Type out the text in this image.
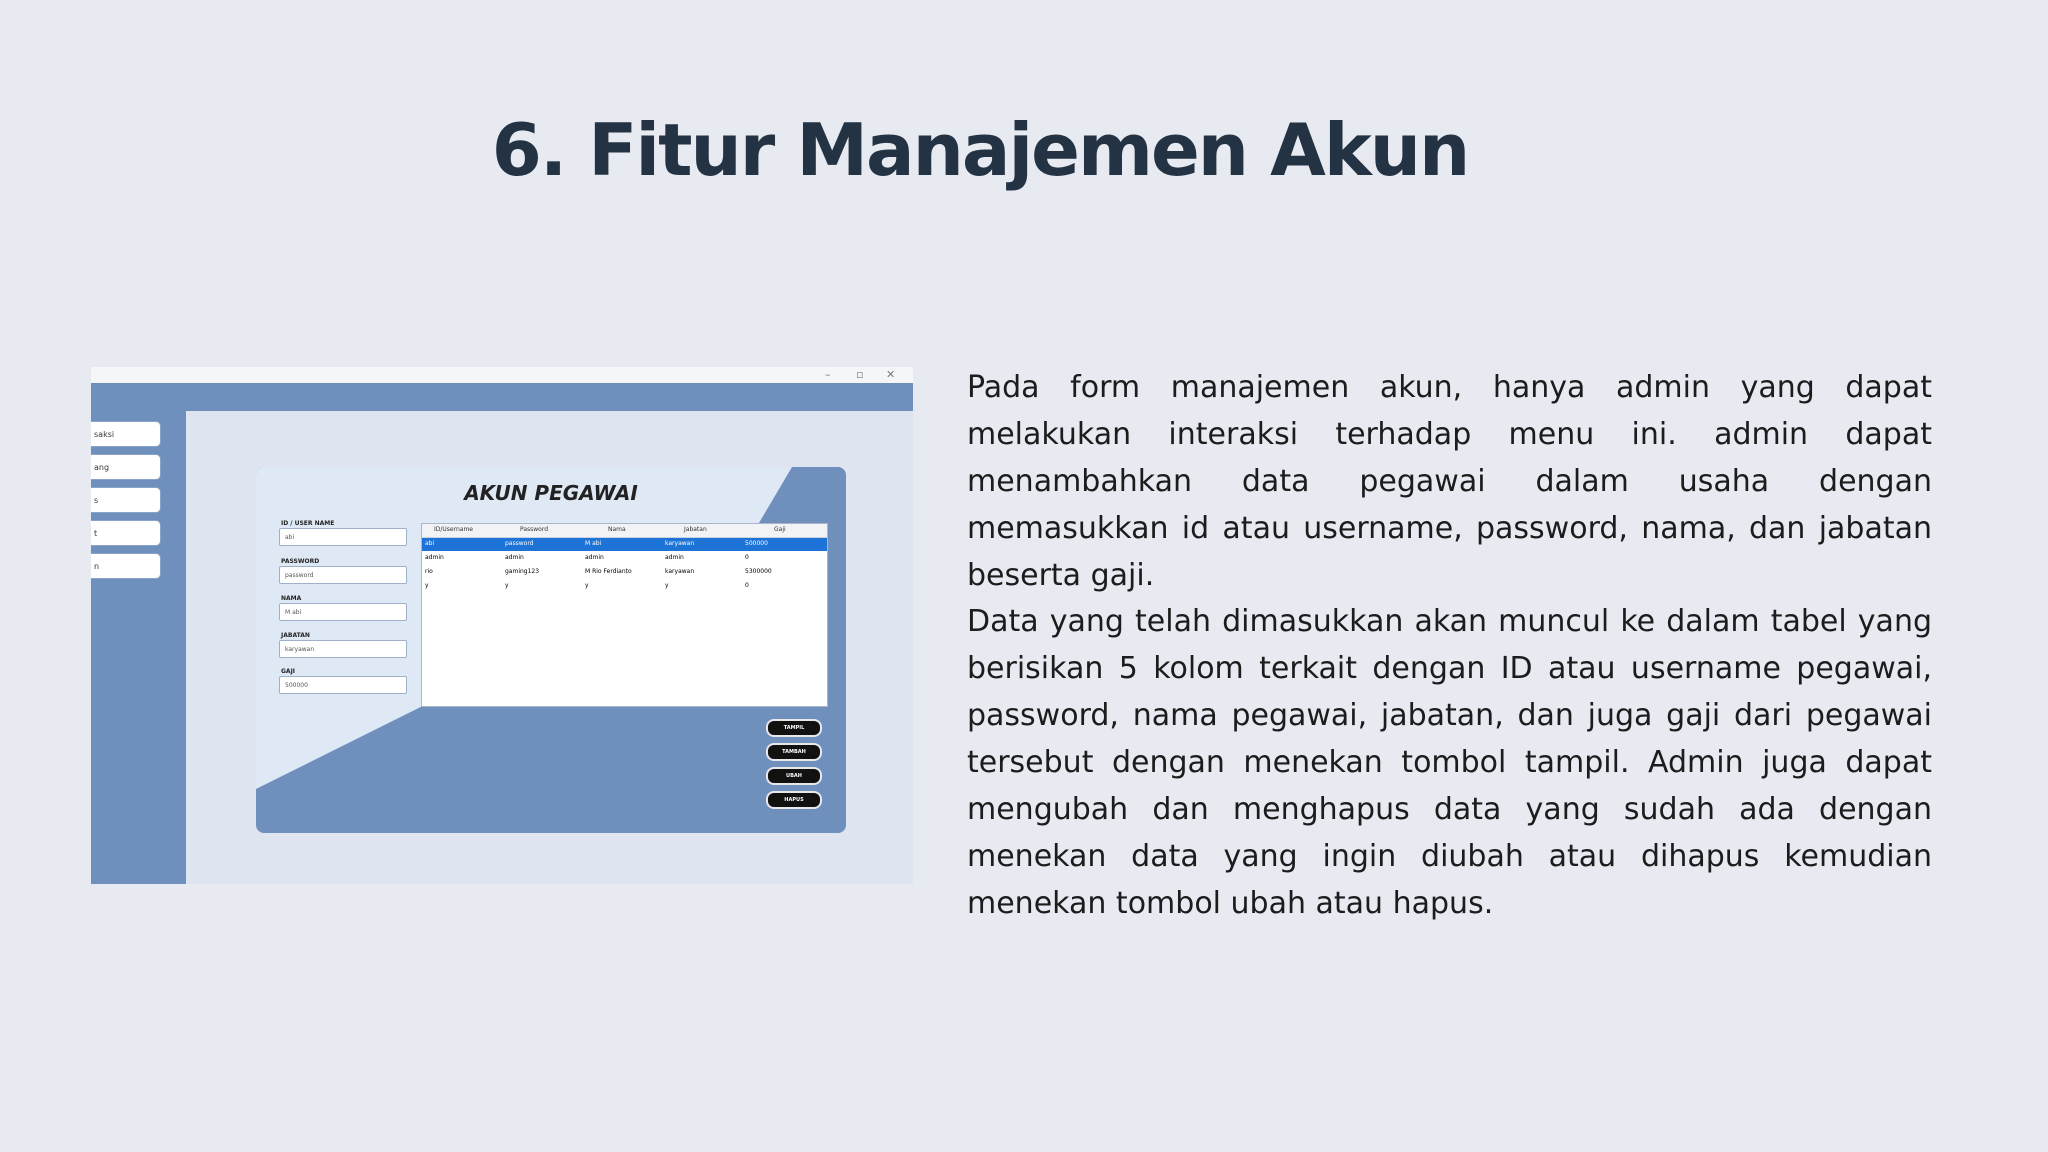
6. Fitur Manajemen Akun
– ▫ ✕
saksi
ang
s
t
n
AKUN PEGAWAI
ID / USER NAME
abi
PASSWORD
password
NAMA
M abi
JABATAN
karyawan
GAJI
500000
ID/Username	Password	Nama	Jabatan	Gaji
abi	password	M abi	karyawan	500000
admin	admin	admin	admin	0
rio	gaming123	M Rio Ferdianto	karyawan	5300000
y	y	y	y	0
TAMPIL
TAMBAH
UBAH
HAPUS

Pada form manajemen akun, hanya admin yang dapat melakukan interaksi terhadap menu ini. admin dapat menambahkan data pegawai dalam usaha dengan memasukkan id atau username, password, nama, dan jabatan beserta gaji.

Data yang telah dimasukkan akan muncul ke dalam tabel yang berisikan 5 kolom terkait dengan ID atau username pegawai, password, nama pegawai, jabatan, dan juga gaji dari pegawai tersebut dengan menekan tombol tampil. Admin juga dapat mengubah dan menghapus data yang sudah ada dengan menekan data yang ingin diubah atau dihapus kemudian menekan tombol ubah atau hapus.
